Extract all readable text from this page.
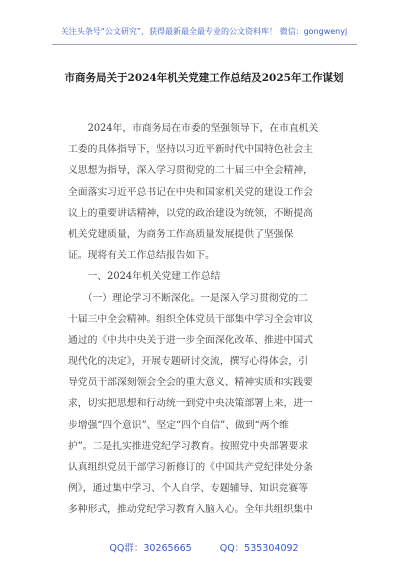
关注头条号“公文研究”，获得最新最全最专业的公文资料库！ 微信：gongwenyj
市商务局关于2024年机关党建工作总结及2025年工作谋划
　　2024年，市商务局在市委的坚强领导下，在市直机关
工委的具体指导下，坚持以习近平新时代中国特色社会主
义思想为指导，深入学习贯彻党的二十届三中全会精神，
全面落实习近平总书记在中央和国家机关党的建设工作会
议上的重要讲话精神，以党的政治建设为统领，不断提高
机关党建质量，为商务工作高质量发展提供了坚强保
证。现将有关工作总结报告如下。
　　一、2024年机关党建工作总结
　　（一）理论学习不断深化。一是深入学习贯彻党的二
十届三中全会精神。组织全体党员干部集中学习全会审议
通过的《中共中央关于进一步全面深化改革、推进中国式
现代化的决定》，开展专题研讨交流，撰写心得体会，引
导党员干部深刻领会全会的重大意义、精神实质和实践要
求，切实把思想和行动统一到党中央决策部署上来，进一
步增强“四个意识”、坚定“四个自信”、做到“两个维
护”。二是扎实推进党纪学习教育。按照党中央部署要求
认真组织党员干部学习新修订的《中国共产党纪律处分条
例》，通过集中学习、个人自学、专题辅导、知识竞赛等
多种形式，推动党纪学习教育入脑入心。全年共组织集中
QQ群：30265665	QQ：535304092
